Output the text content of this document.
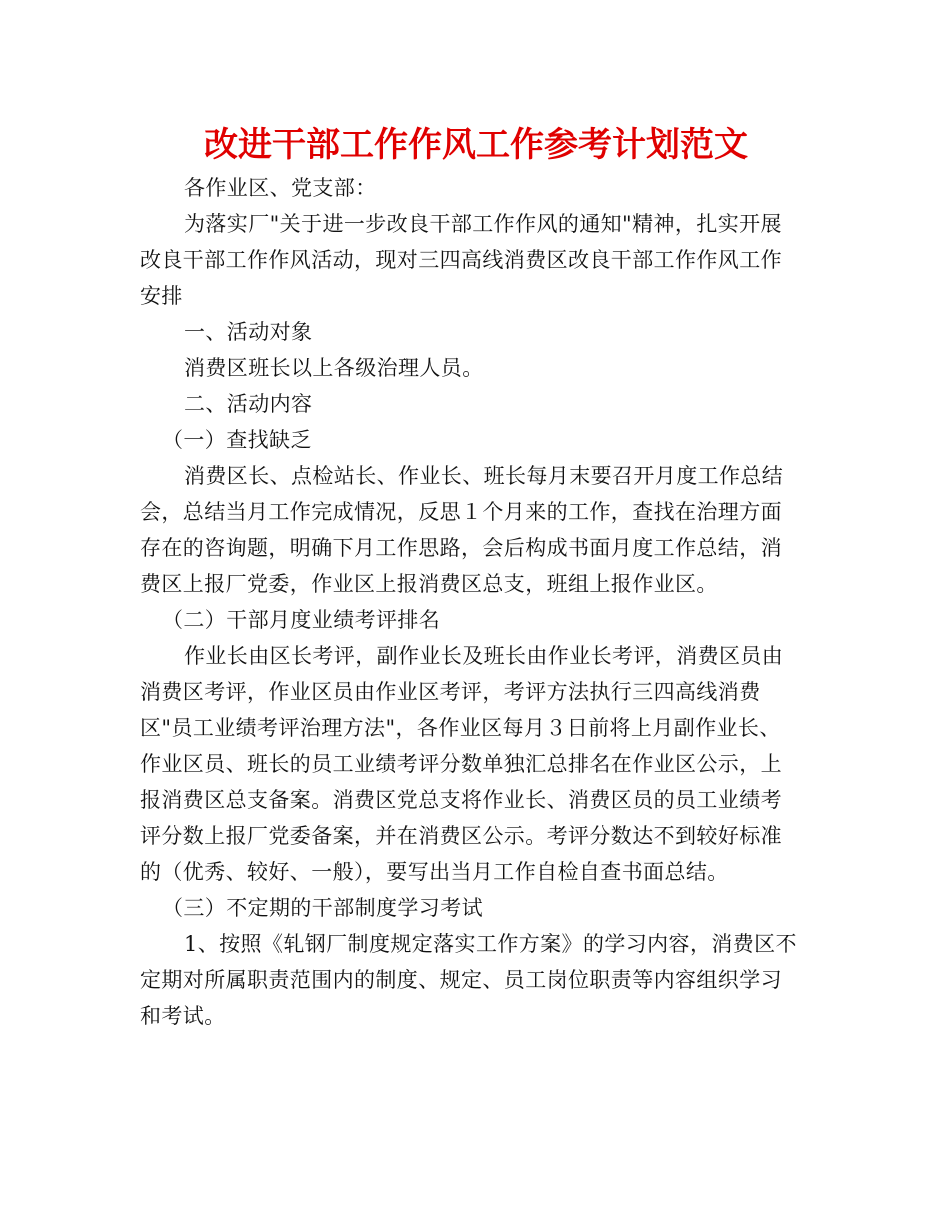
改进干部工作作风工作参考计划范文

各作业区、党支部：

为落实厂"关于进一步改良干部工作作风的通知"精神，扎实开展
改良干部工作作风活动，现对三四高线消费区改良干部工作作风工作
安排

一、活动对象

消费区班长以上各级治理人员。

二、活动内容

（一）查找缺乏

消费区长、点检站长、作业长、班长每月末要召开月度工作总结
会，总结当月工作完成情况，反思１个月来的工作，查找在治理方面
存在的咨询题，明确下月工作思路，会后构成书面月度工作总结，消
费区上报厂党委，作业区上报消费区总支，班组上报作业区。

（二）干部月度业绩考评排名

作业长由区长考评，副作业长及班长由作业长考评，消费区员由
消费区考评，作业区员由作业区考评，考评方法执行三四高线消费
区"员工业绩考评治理方法"，各作业区每月３日前将上月副作业长、
作业区员、班长的员工业绩考评分数单独汇总排名在作业区公示，上
报消费区总支备案。消费区党总支将作业长、消费区员的员工业绩考
评分数上报厂党委备案，并在消费区公示。考评分数达不到较好标准
的（优秀、较好、一般），要写出当月工作自检自查书面总结。

（三）不定期的干部制度学习考试

1、按照《轧钢厂制度规定落实工作方案》的学习内容，消费区不
定期对所属职责范围内的制度、规定、员工岗位职责等内容组织学习
和考试。
